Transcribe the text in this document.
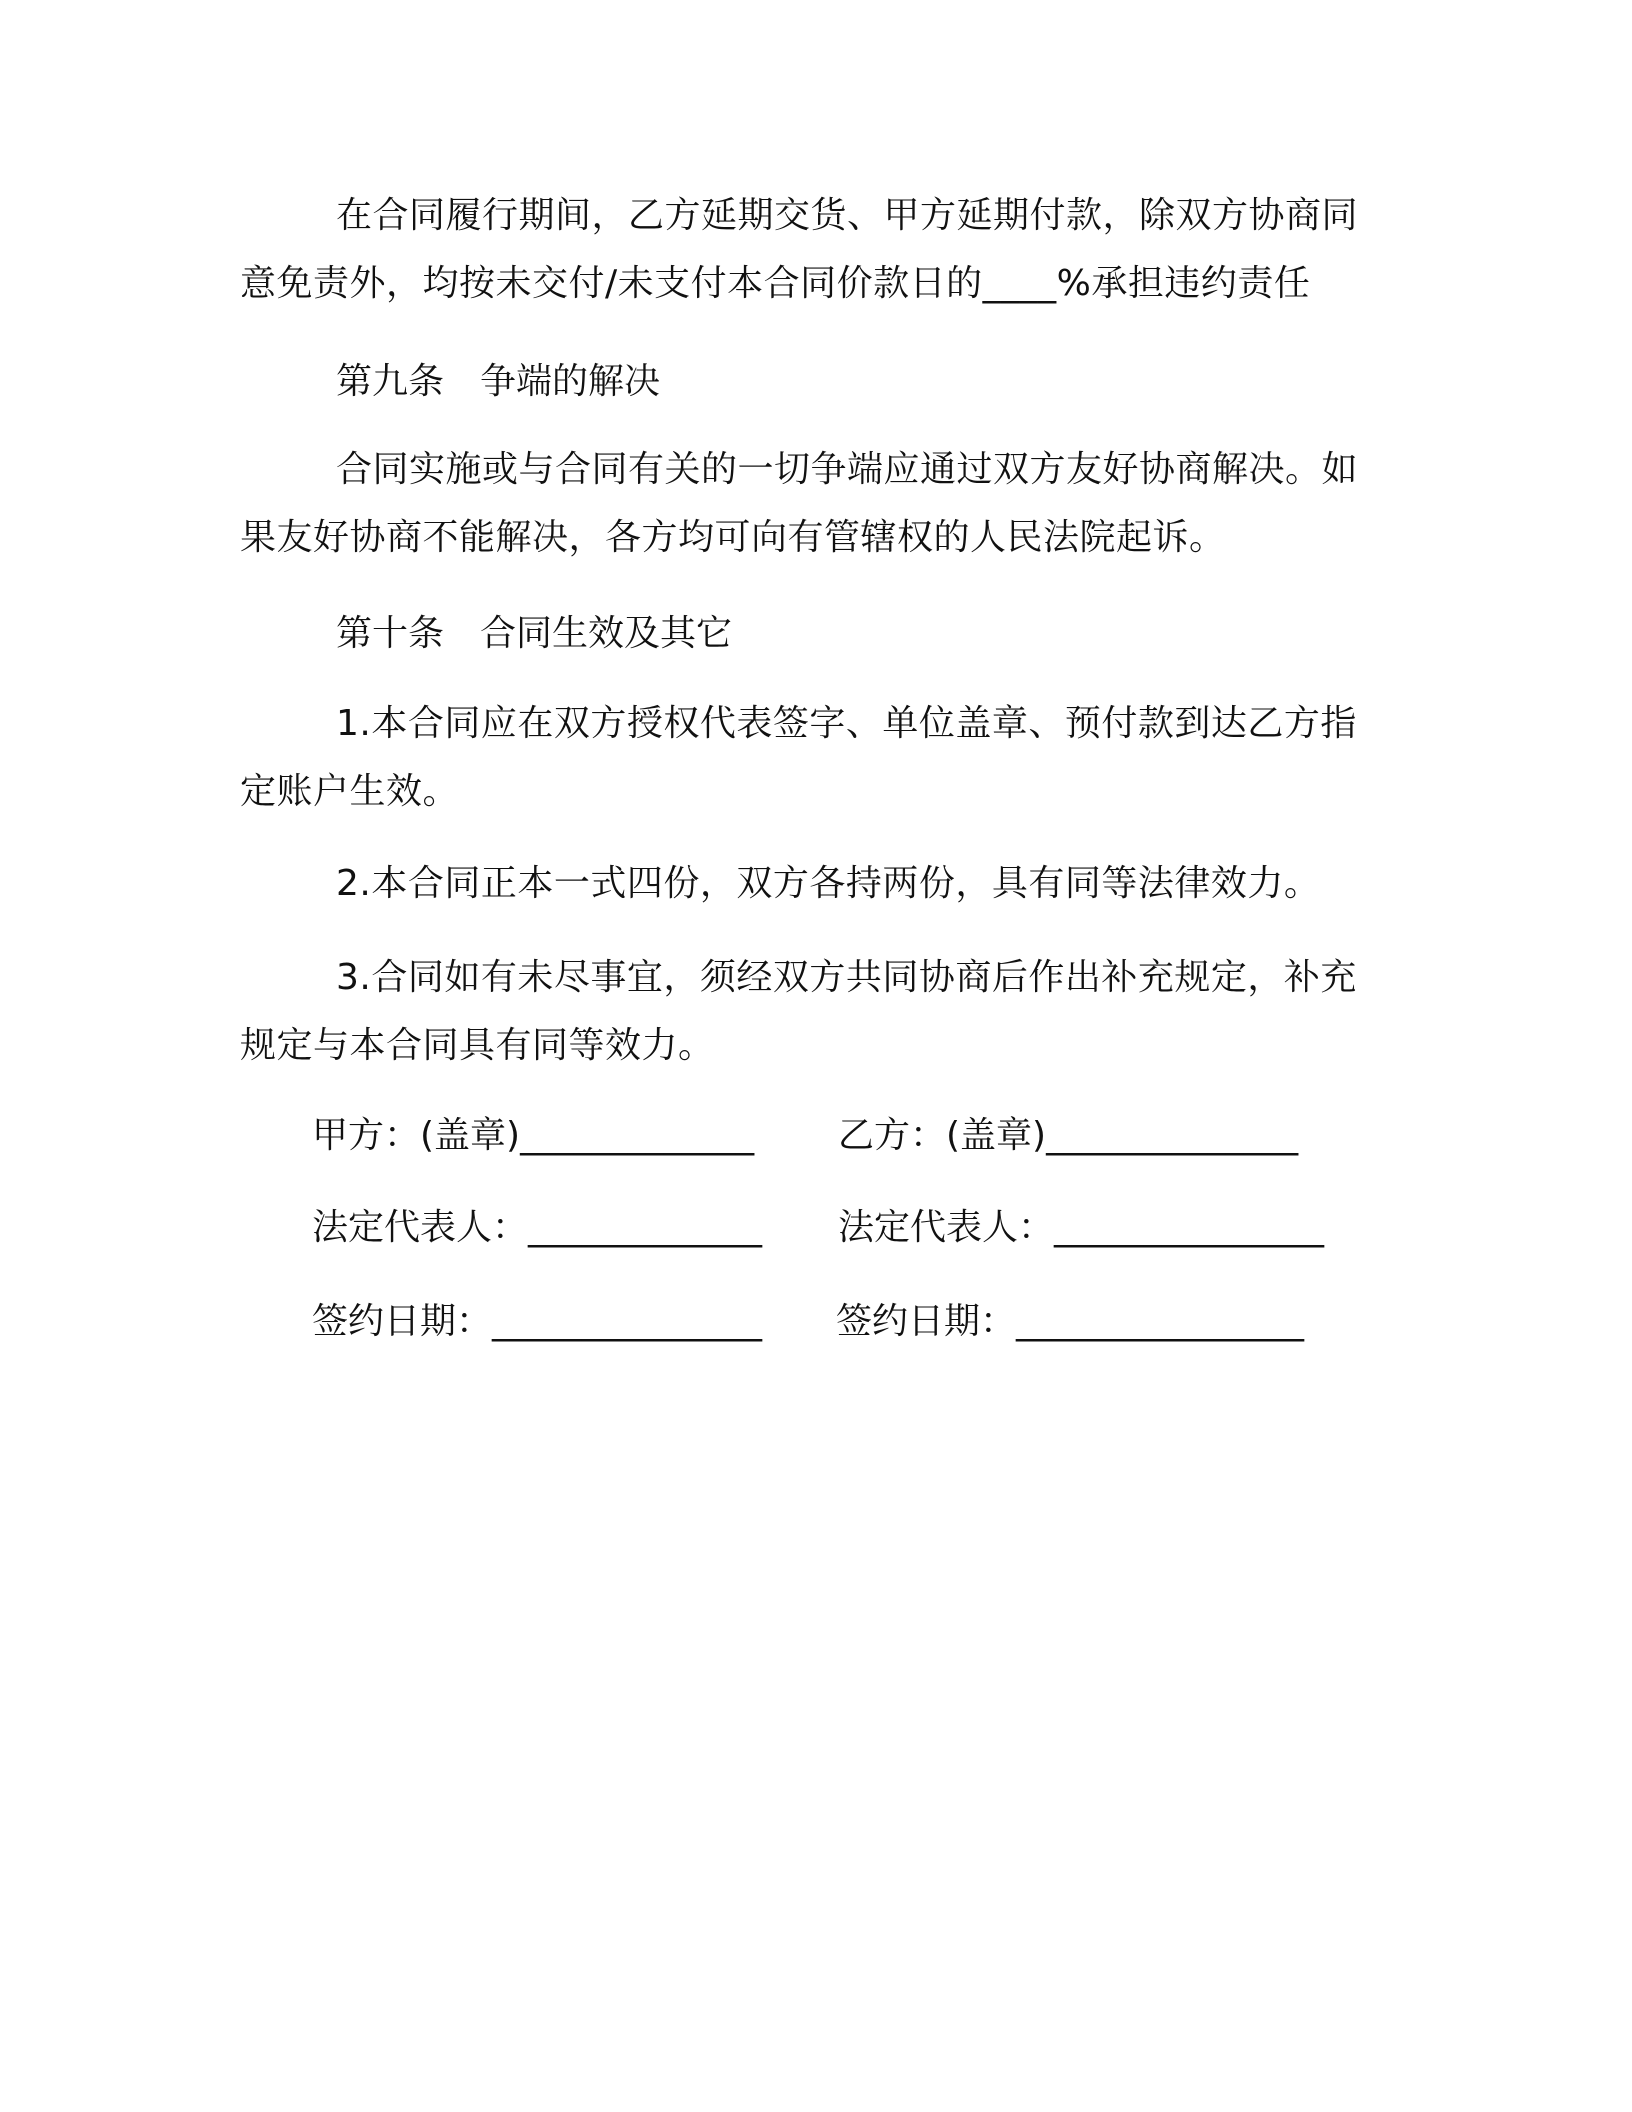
在合同履行期间，乙方延期交货、甲方延期付款，除双方协商同意免责外，均按未交付/未支付本合同价款日的____%承担违约责任

第九条　争端的解决

合同实施或与合同有关的一切争端应通过双方友好协商解决。如果友好协商不能解决，各方均可向有管辖权的人民法院起诉。

第十条　合同生效及其它

1.本合同应在双方授权代表签字、单位盖章、预付款到达乙方指定账户生效。

2.本合同正本一式四份，双方各持两份，具有同等法律效力。

3.合同如有未尽事宜，须经双方共同协商后作出补充规定，补充规定与本合同具有同等效力。

甲方：(盖章)_____________ 乙方：(盖章)______________
法定代表人：_____________ 法定代表人：_______________
签约日期：_______________ 签约日期：________________
